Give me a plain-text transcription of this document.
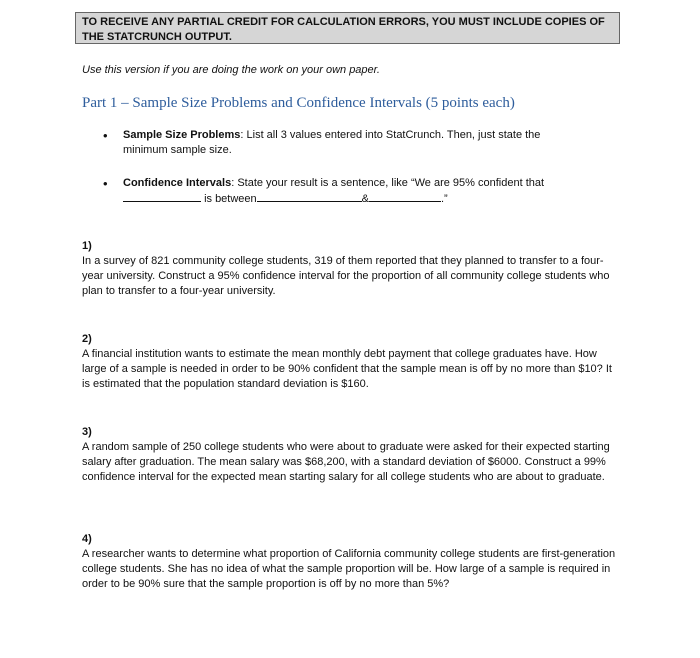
TO RECEIVE ANY PARTIAL CREDIT FOR CALCULATION ERRORS, YOU MUST INCLUDE COPIES OF THE STATCRUNCH OUTPUT.
Use this version if you are doing the work on your own paper.
Part 1 – Sample Size Problems and Confidence Intervals (5 points each)
• Sample Size Problems: List all 3 values entered into StatCrunch. Then, just state the minimum sample size.
• Confidence Intervals: State your result is a sentence, like “We are 95% confident that
is between	&	.”
1)
In a survey of 821 community college students, 319 of them reported that they planned to transfer to a four-year university. Construct a 95% confidence interval for the proportion of all community college students who plan to transfer to a four-year university.
2)
A financial institution wants to estimate the mean monthly debt payment that college graduates have. How large of a sample is needed in order to be 90% confident that the sample mean is off by no more than $10? It is estimated that the population standard deviation is $160.
3)
A random sample of 250 college students who were about to graduate were asked for their expected starting salary after graduation. The mean salary was $68,200, with a standard deviation of $6000. Construct a 99% confidence interval for the expected mean starting salary for all college students who are about to graduate.
4)
A researcher wants to determine what proportion of California community college students are first-generation college students. She has no idea of what the sample proportion will be. How large of a sample is required in order to be 90% sure that the sample proportion is off by no more than 5%?
